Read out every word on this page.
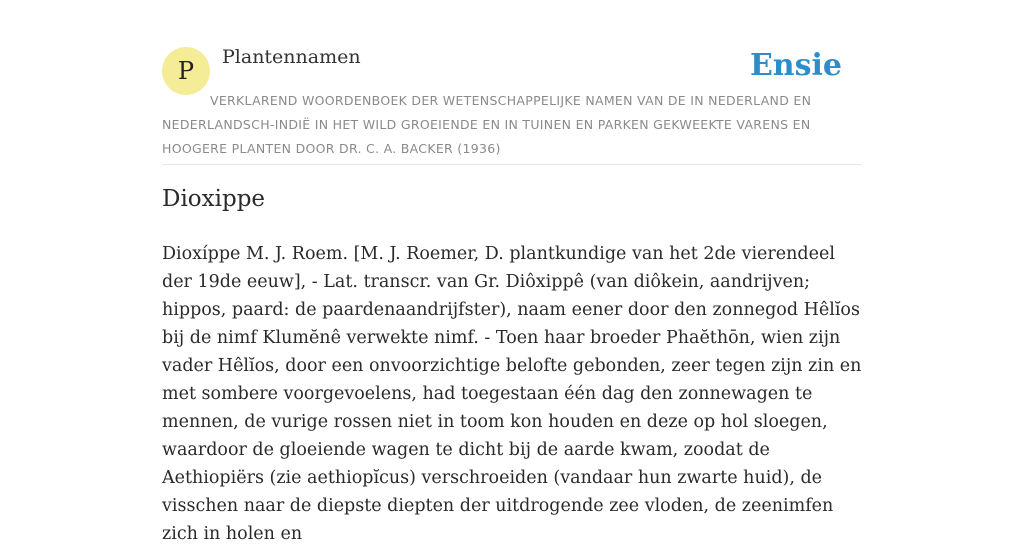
P	Plantennamen	Ensie
VERKLAREND WOORDENBOEK DER WETENSCHAPPELIJKE NAMEN VAN DE IN NEDERLAND EN NEDERLANDSCH-INDIË IN HET WILD GROEIENDE EN IN TUINEN EN PARKEN GEKWEEKTE VARENS EN HOOGERE PLANTEN DOOR DR. C. A. BACKER (1936)
Dioxippe
Dioxíppe M. J. Roem. [M. J. Roemer, D. plantkundige van het 2de vierendeel der 19de eeuw], - Lat. transcr. van Gr. Diôxippê (van diôkein, aandrijven; hippos, paard: de paardenaandrijfster), naam eener door den zonnegod Hêlĭos bij de nimf Klumĕnê verwekte nimf. - Toen haar broeder Phaĕthōn, wien zijn vader Hêlĭos, door een onvoorzichtige belofte gebonden, zeer tegen zijn zin en met sombere voorgevoelens, had toegestaan één dag den zonnewagen te mennen, de vurige rossen niet in toom kon houden en deze op hol sloegen, waardoor de gloeiende wagen te dicht bij de aarde kwam, zoodat de Aethiopiërs (zie aethiopĭcus) verschroeiden (vandaar hun zwarte huid), de visschen naar de diepste diepten der uitdrogende zee vloden, de zeenimfen zich in holen en
